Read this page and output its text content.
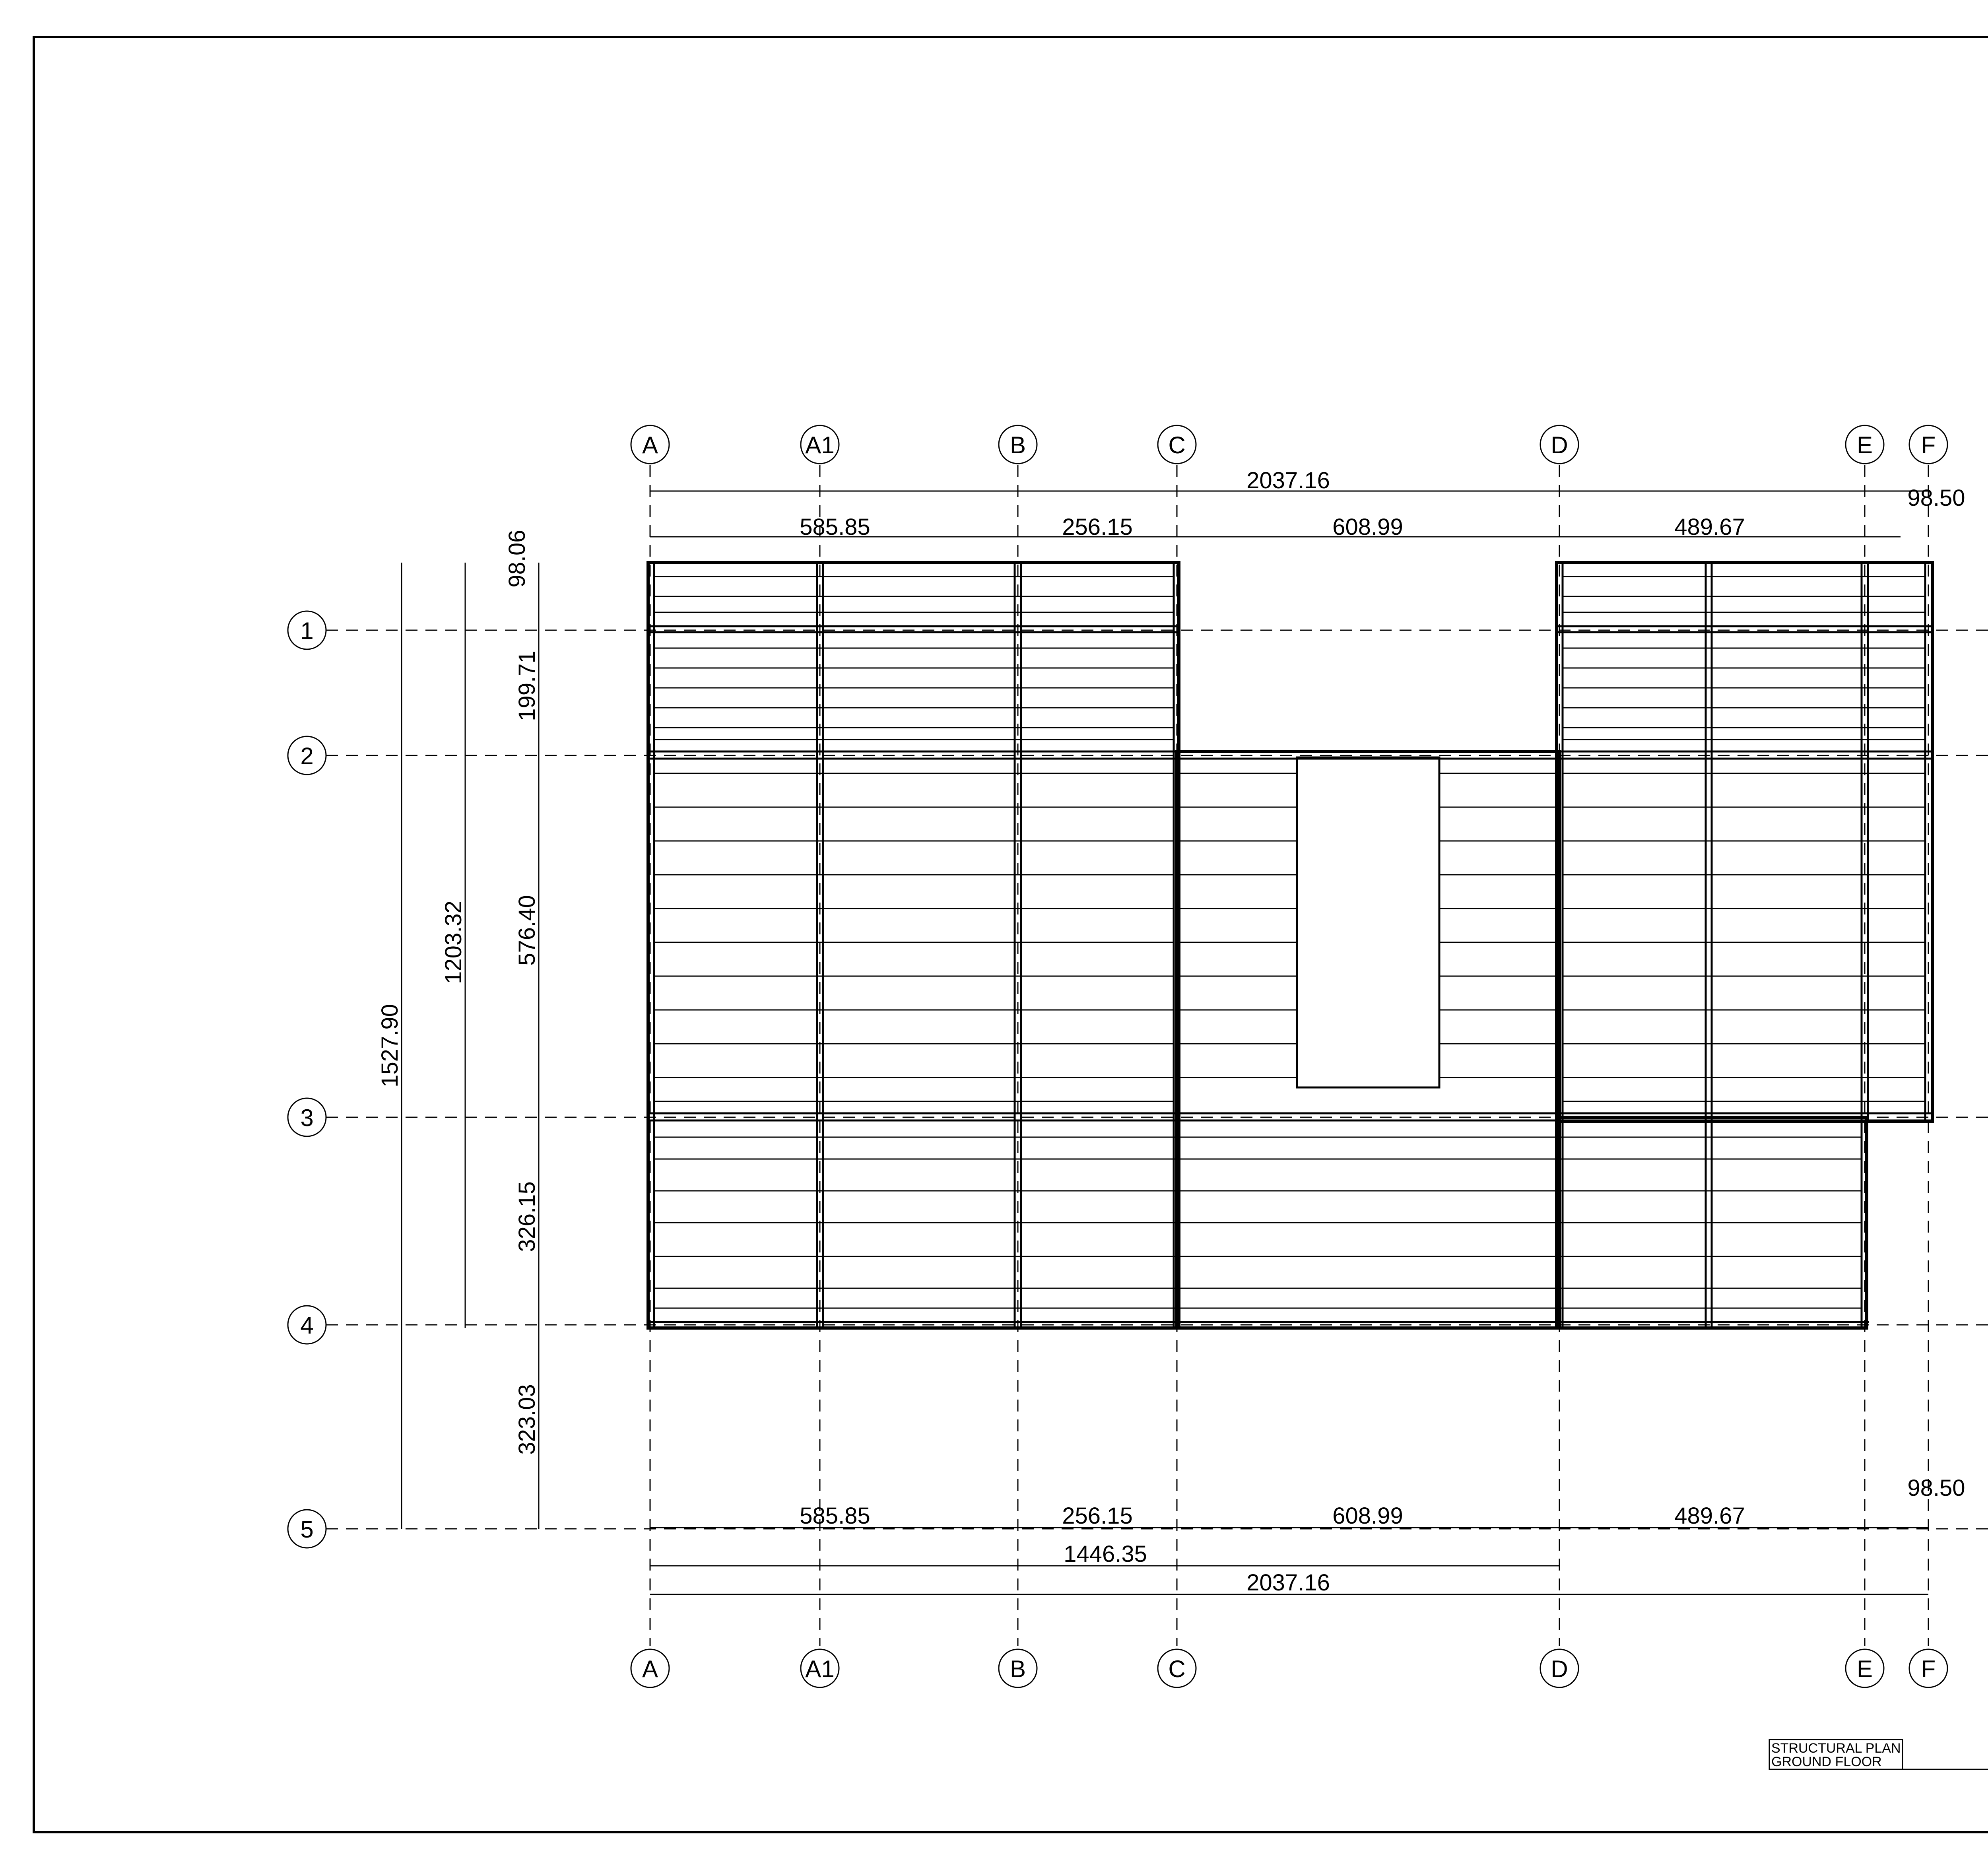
A	A1	B	C	D	E F
A	A1	B	C	D	E F
1
2
3
4
5
2037.16
585.85	256.15	608.99	489.67
98.50
585.85	256.15	608.99	489.67
98.50
1446.35
2037.16
1527.90
1203.32
98.06
199.71
576.40
326.15
323.03
STRUCTURAL PLAN
GROUND FLOOR
